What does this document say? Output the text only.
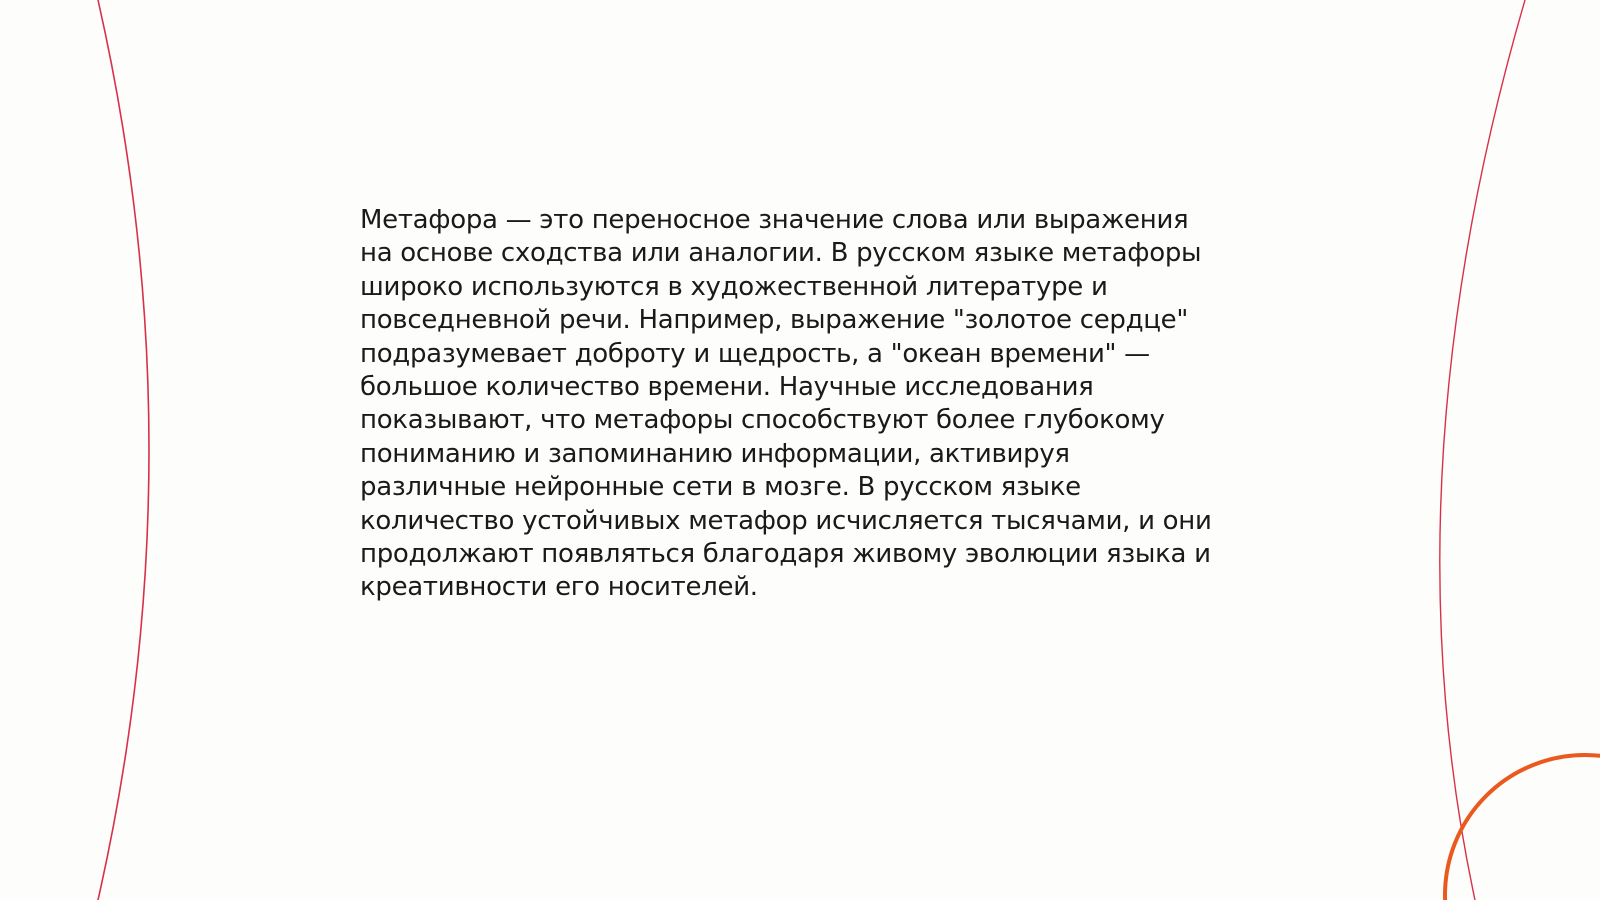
Метафора — это переносное значение слова или выражения
на основе сходства или аналогии. В русском языке метафоры
широко используются в художественной литературе и
повседневной речи. Например, выражение "золотое сердце"
подразумевает доброту и щедрость, а "океан времени" —
большое количество времени. Научные исследования
показывают, что метафоры способствуют более глубокому
пониманию и запоминанию информации, активируя
различные нейронные сети в мозге. В русском языке
количество устойчивых метафор исчисляется тысячами, и они
продолжают появляться благодаря живому эволюции языка и
креативности его носителей.
